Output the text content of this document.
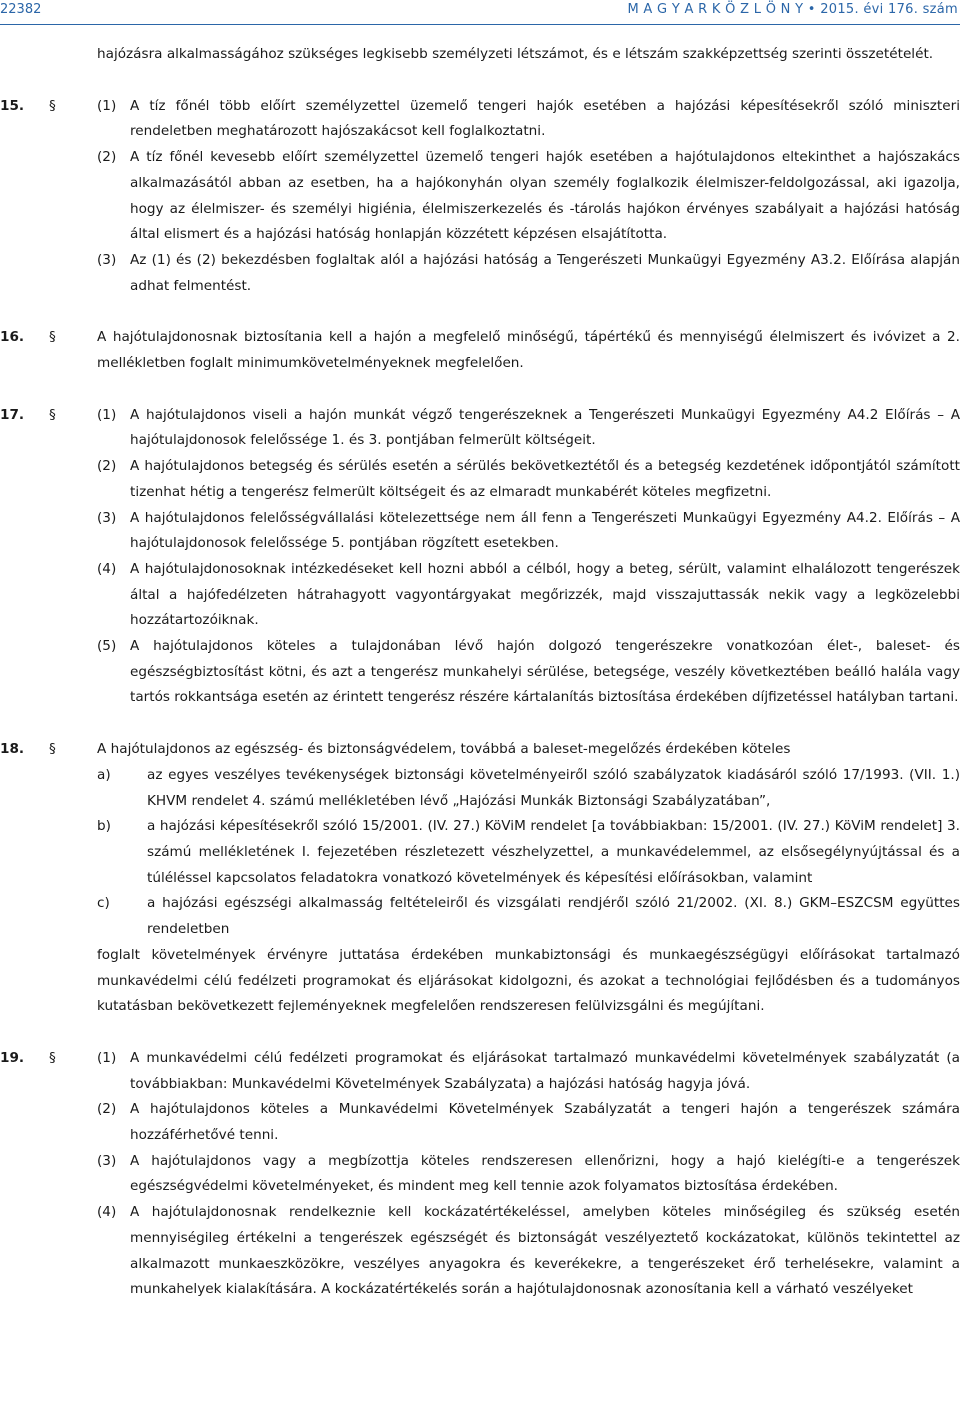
22382	M A G Y A R K Ö Z L Ö N Y • 2015. évi 176. szám
hajózásra alkalmasságához szükséges legkisebb személyzeti létszámot, és e létszám szakképzettség szerinti összetételét.
15.	§	(1)	A tíz főnél több előírt személyzettel üzemelő tengeri hajók esetében a hajózási képesítésekről szóló miniszteri rendeletben meghatározott hajószakácsot kell foglalkoztatni.
(2)	A tíz főnél kevesebb előírt személyzettel üzemelő tengeri hajók esetében a hajótulajdonos eltekinthet a hajószakács alkalmazásától abban az esetben, ha a hajókonyhán olyan személy foglalkozik élelmiszer-feldolgozással, aki igazolja, hogy az élelmiszer- és személyi higiénia, élelmiszerkezelés és -tárolás hajókon érvényes szabályait a hajózási hatóság által elismert és a hajózási hatóság honlapján közzétett képzésen elsajátította.
(3)	Az (1) és (2) bekezdésben foglaltak alól a hajózási hatóság a Tengerészeti Munkaügyi Egyezmény A3.2. Előírása alapján adhat felmentést.
16.	§	A hajótulajdonosnak biztosítania kell a hajón a megfelelő minőségű, tápértékű és mennyiségű élelmiszert és ivóvizet a 2. mellékletben foglalt minimumkövetelményeknek megfelelően.
17.	§	(1)	A hajótulajdonos viseli a hajón munkát végző tengerészeknek a Tengerészeti Munkaügyi Egyezmény A4.2 Előírás – A hajótulajdonosok felelőssége 1. és 3. pontjában felmerült költségeit.
(2)	A hajótulajdonos betegség és sérülés esetén a sérülés bekövetkeztétől és a betegség kezdetének időpontjától számított tizenhat hétig a tengerész felmerült költségeit és az elmaradt munkabérét köteles megfizetni.
(3)	A hajótulajdonos felelősségvállalási kötelezettsége nem áll fenn a Tengerészeti Munkaügyi Egyezmény A4.2. Előírás – A hajótulajdonosok felelőssége 5. pontjában rögzített esetekben.
(4)	A hajótulajdonosoknak intézkedéseket kell hozni abból a célból, hogy a beteg, sérült, valamint elhalálozott tengerészek által a hajófedélzeten hátrahagyott vagyontárgyakat megőrizzék, majd visszajuttassák nekik vagy a legközelebbi hozzátartozóiknak.
(5)	A hajótulajdonos köteles a tulajdonában lévő hajón dolgozó tengerészekre vonatkozóan élet-, baleset- és egészségbiztosítást kötni, és azt a tengerész munkahelyi sérülése, betegsége, veszély következtében beálló halála vagy tartós rokkantsága esetén az érintett tengerész részére kártalanítás biztosítása érdekében díjfizetéssel hatályban tartani.
18.	§	A hajótulajdonos az egészség- és biztonságvédelem, továbbá a baleset-megelőzés érdekében köteles
a)	az egyes veszélyes tevékenységek biztonsági követelményeiről szóló szabályzatok kiadásáról szóló 17/1993. (VII. 1.) KHVM rendelet 4. számú mellékletében lévő „Hajózási Munkák Biztonsági Szabályzatában”,
b)	a hajózási képesítésekről szóló 15/2001. (IV. 27.) KöViM rendelet [a továbbiakban: 15/2001. (IV. 27.) KöViM rendelet] 3. számú mellékletének I. fejezetében részletezett vészhelyzettel, a munkavédelemmel, az elsősegélynyújtással és a túléléssel kapcsolatos feladatokra vonatkozó követelmények és képesítési előírásokban, valamint
c)	a hajózási egészségi alkalmasság feltételeiről és vizsgálati rendjéről szóló 21/2002. (XI. 8.) GKM–ESZCSM együttes rendeletben
foglalt követelmények érvényre juttatása érdekében munkabiztonsági és munkaegészségügyi előírásokat tartalmazó munkavédelmi célú fedélzeti programokat és eljárásokat kidolgozni, és azokat a technológiai fejlődésben és a tudományos kutatásban bekövetkezett fejleményeknek megfelelően rendszeresen felülvizsgálni és megújítani.
19.	§	(1)	A munkavédelmi célú fedélzeti programokat és eljárásokat tartalmazó munkavédelmi követelmények szabályzatát (a továbbiakban: Munkavédelmi Követelmények Szabályzata) a hajózási hatóság hagyja jóvá.
(2)	A hajótulajdonos köteles a Munkavédelmi Követelmények Szabályzatát a tengeri hajón a tengerészek számára hozzáférhetővé tenni.
(3)	A hajótulajdonos vagy a megbízottja köteles rendszeresen ellenőrizni, hogy a hajó kielégíti-e a tengerészek egészségvédelmi követelményeket, és mindent meg kell tennie azok folyamatos biztosítása érdekében.
(4)	A hajótulajdonosnak rendelkeznie kell kockázatértékeléssel, amelyben köteles minőségileg és szükség esetén mennyiségileg értékelni a tengerészek egészségét és biztonságát veszélyeztető kockázatokat, különös tekintettel az alkalmazott munkaeszközökre, veszélyes anyagokra és keverékekre, a tengerészeket érő terhelésekre, valamint a munkahelyek kialakítására. A kockázatértékelés során a hajótulajdonosnak azonosítania kell a várható veszélyeket
